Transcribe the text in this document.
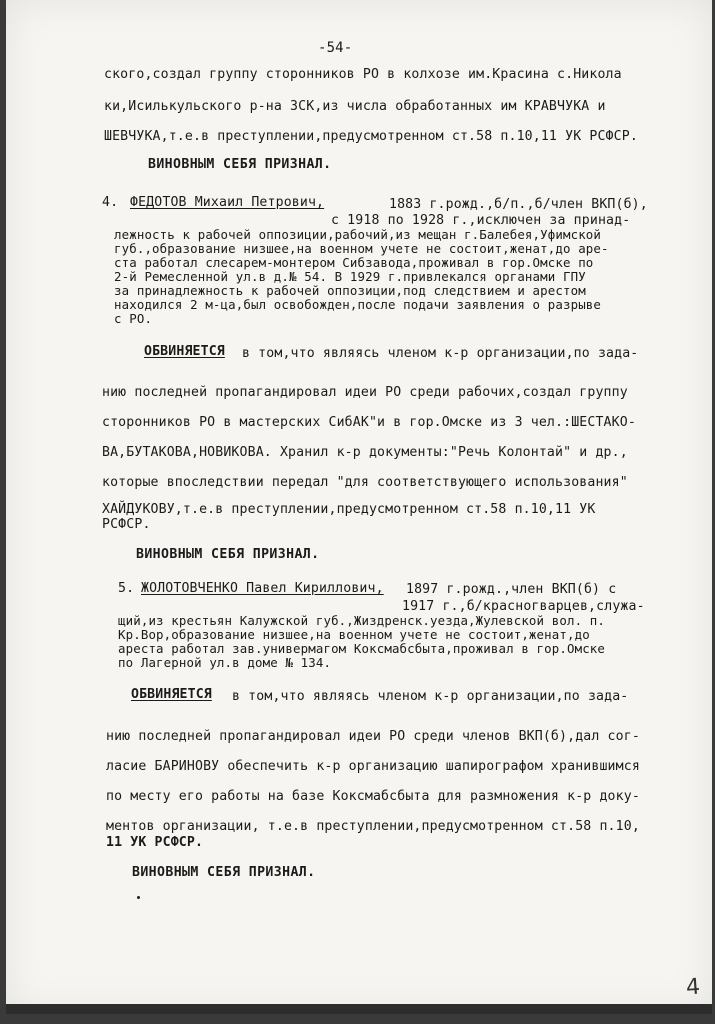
-54-
ского,создал группу сторонников РО в колхозе им.Красина с.Никола
ки,Исилькульского р-на ЗСК,из числа обработанных им КРАВЧУКА и
ШЕВЧУКА,т.е.в преступлении,предусмотренном ст.58 п.10,11 УК РСФСР.
ВИНОВНЫМ СЕБЯ ПРИЗНАЛ.
4. ФЕДОТОВ Михаил Петрович,	1883 г.рожд.,б/п.,б/член ВКП(б),
с 1918 по 1928 г.,исключен за принад-
лежность к рабочей оппозиции,рабочий,из мещан г.Балебея,Уфимской
губ.,образование низшее,на военном учете не состоит,женат,до аре-
ста работал слесарем-монтером Сибзавода,проживал в гор.Омске по
2-й Ремесленной ул.в д.№ 54. В 1929 г.привлекался органами ГПУ
за принадлежность к рабочей оппозиции,под следствием и арестом
находился 2 м-ца,был освобожден,после подачи заявления о разрыве
с РО.
ОБВИНЯЕТСЯ в том,что являясь членом к-р организации,по зада-
нию последней пропагандировал идеи РО среди рабочих,создал группу
сторонников РО в мастерских СибАК"и в гор.Омске из 3 чел.:ШЕСТАКО-
ВА,БУТАКОВА,НОВИКОВА. Хранил к-р документы:"Речь Колонтай" и др.,
которые впоследствии передал "для соответствующего использования"
ХАЙДУКОВУ,т.е.в преступлении,предусмотренном ст.58 п.10,11 УК
РСФСР.
ВИНОВНЫМ СЕБЯ ПРИЗНАЛ.
5. ЖОЛОТОВЧЕНКО Павел Кириллович, 1897 г.рожд.,член ВКП(б) с
1917 г.,б/красногварцев,служа-
щий,из крестьян Калужской губ.,Жиздренск.уезда,Жулевской вол. п.
Кр.Вор,образование низшее,на военном учете не состоит,женат,до
ареста работал зав.универмагом Коксмабсбыта,проживал в гор.Омске
по Лагерной ул.в доме № 134.
ОБВИНЯЕТСЯ в том,что являясь членом к-р организации,по зада-
нию последней пропагандировал идеи РО среди членов ВКП(б),дал сог-
ласие БАРИНОВУ обеспечить к-р организацию шапирографом хранившимся
по месту его работы на базе Коксмабсбыта для размножения к-р доку-
ментов организации, т.е.в преступлении,предусмотренном ст.58 п.10,
11 УК РСФСР.
ВИНОВНЫМ СЕБЯ ПРИЗНАЛ.
4
